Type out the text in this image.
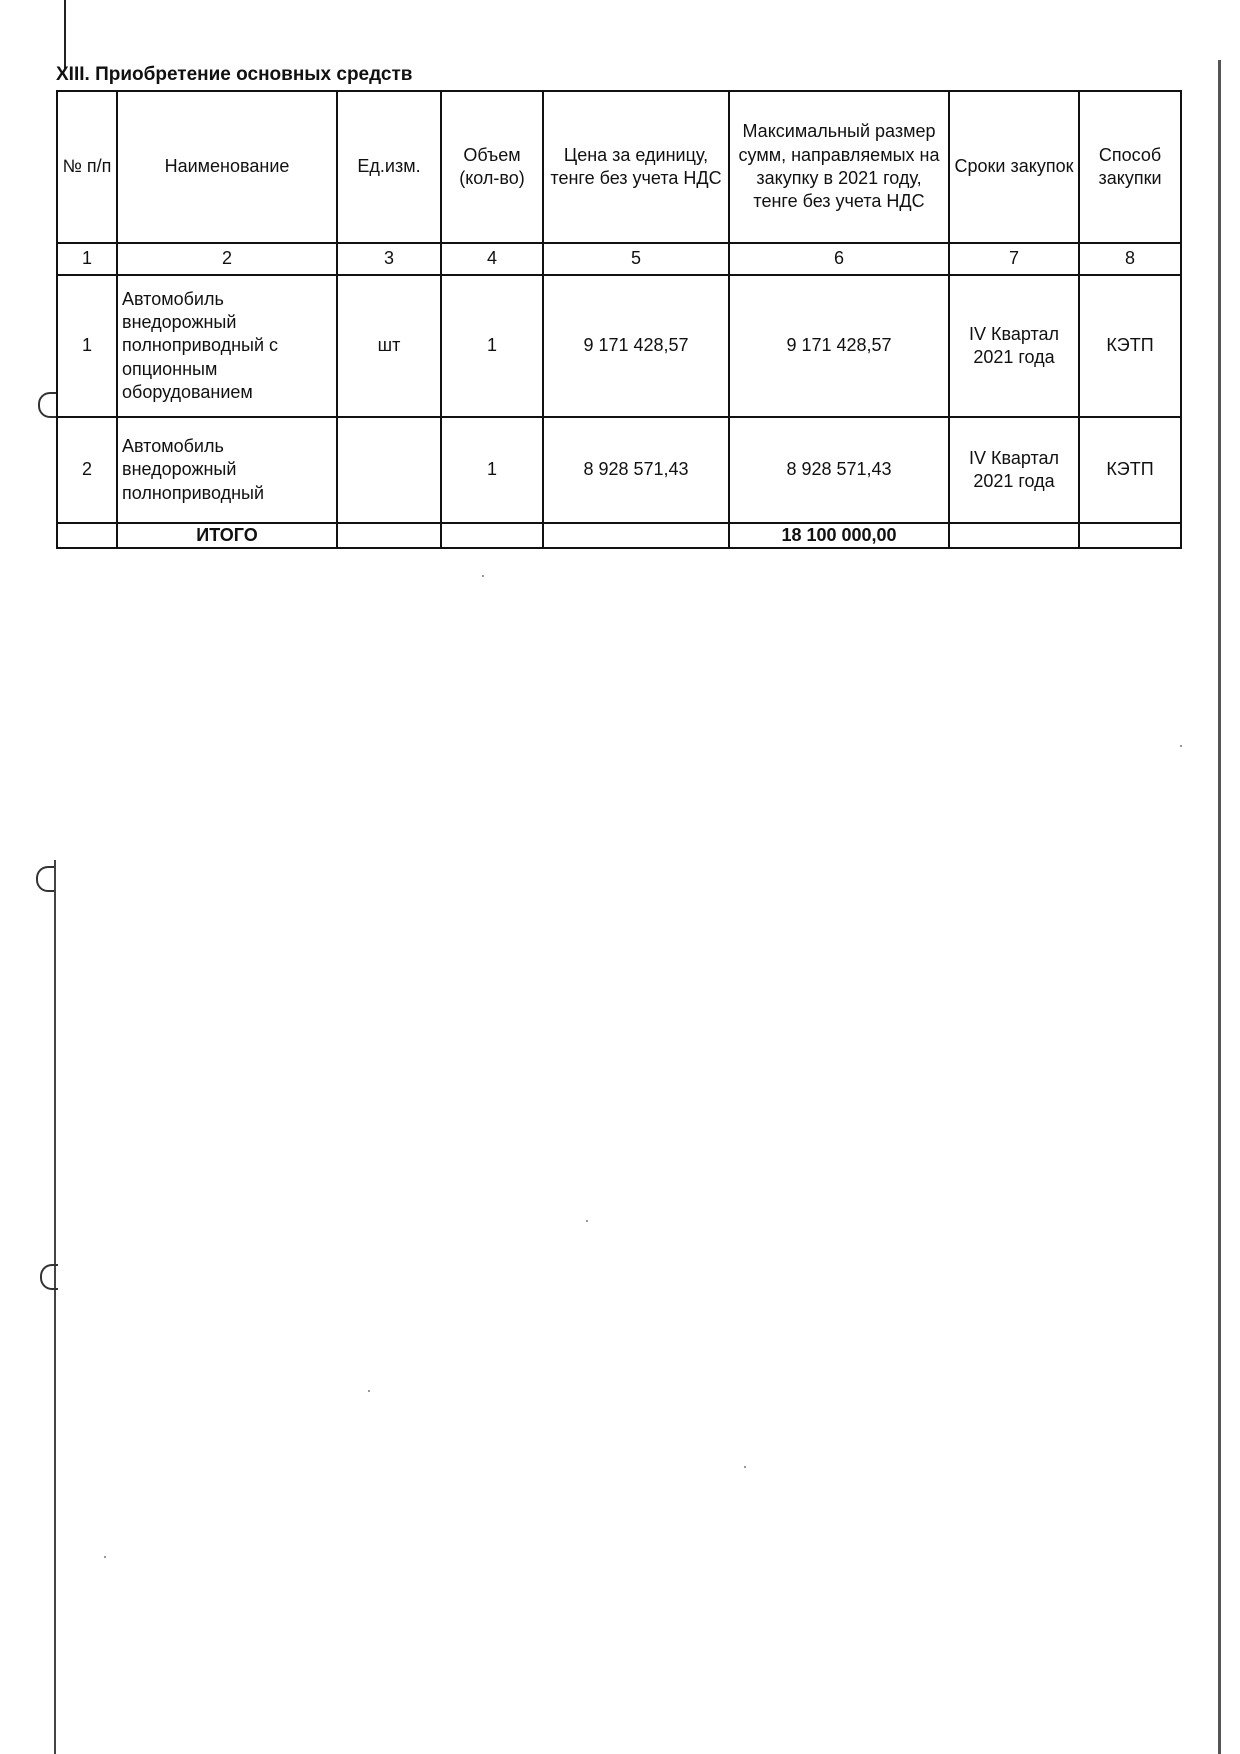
XIII. Приобретение основных средств
№ п/п	Наименование	Ед.изм.	Объем (кол-во)	Цена за единицу, тенге без учета НДС	Максимальный размер сумм, направляемых на закупку в 2021 году, тенге без учета НДС	Сроки закупок	Способ закупки
1	2	3	4	5	6	7	8
1	Автомобиль внедорожный полноприводный с опционным оборудованием	шт	1	9 171 428,57	9 171 428,57	IV Квартал 2021 года	КЭТП
2	Автомобиль внедорожный полноприводный		1	8 928 571,43	8 928 571,43	IV Квартал 2021 года	КЭТП
	ИТОГО				18 100 000,00		
